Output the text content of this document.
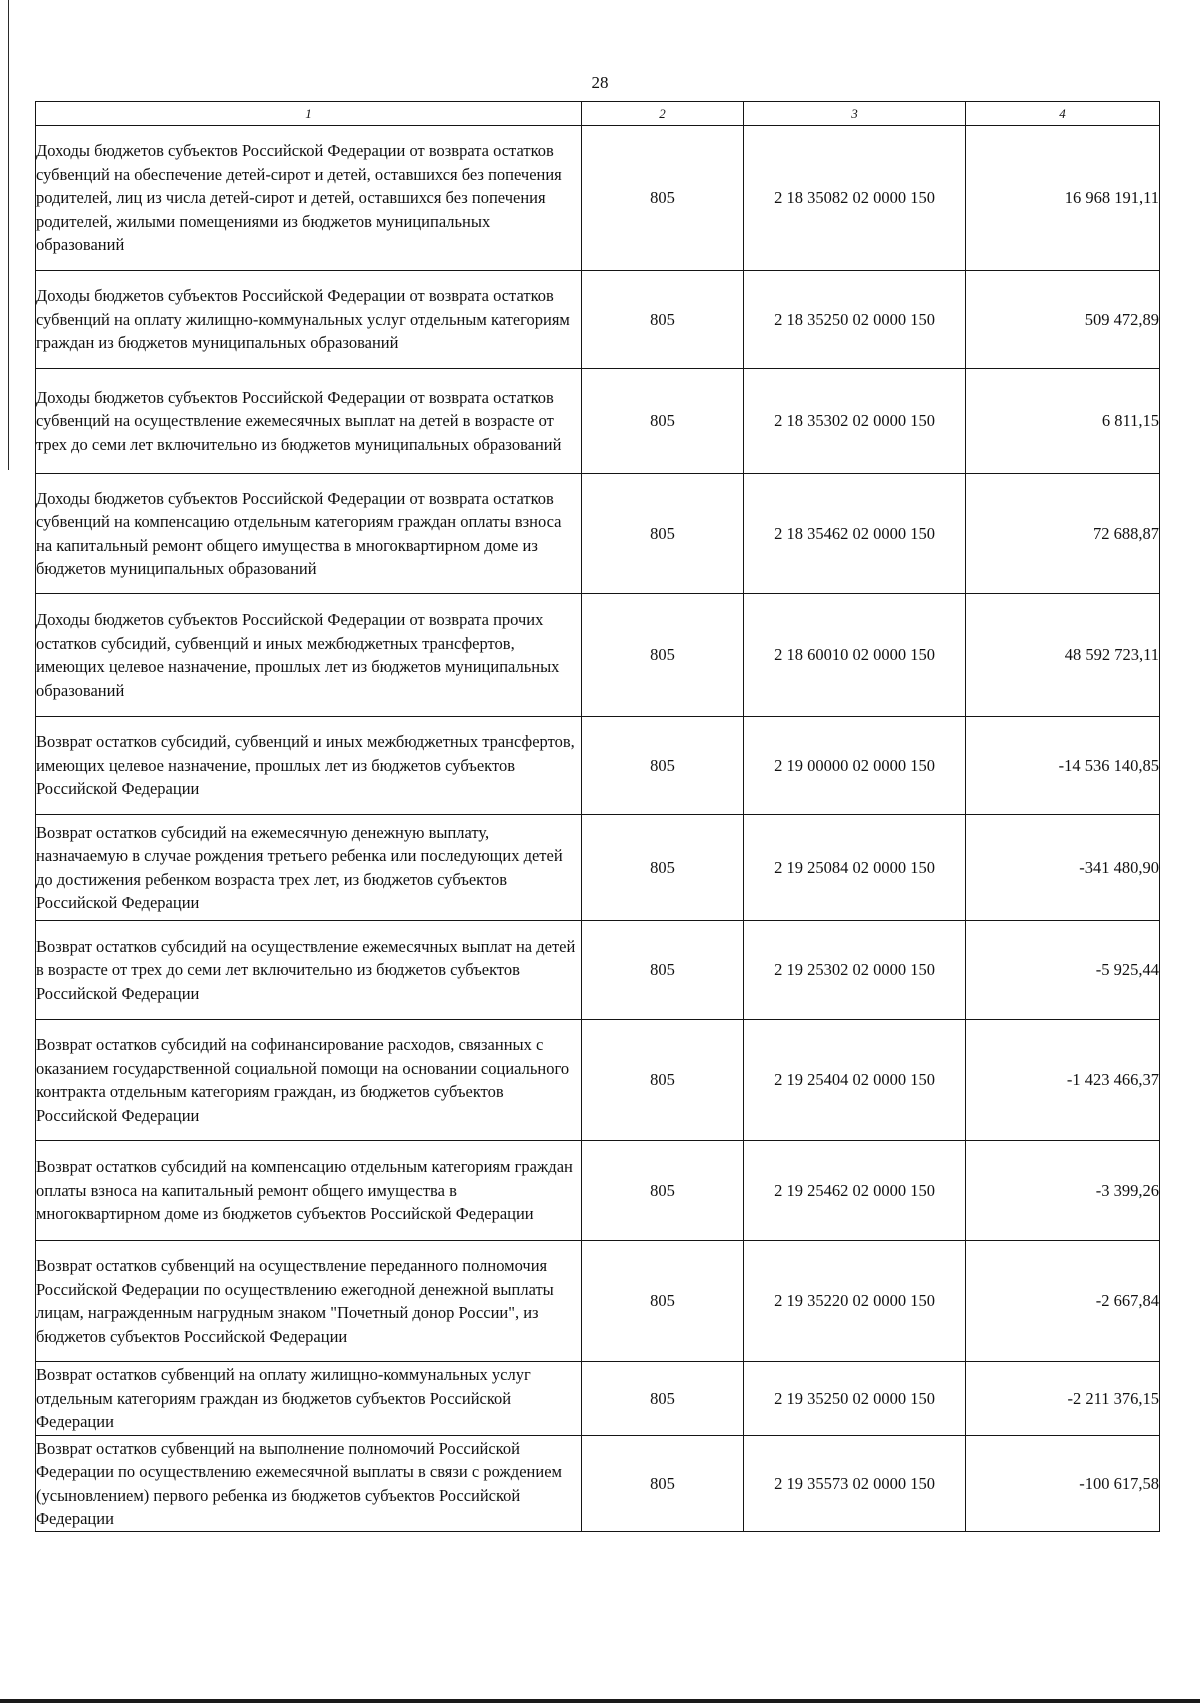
28
1	2	3	4
Доходы бюджетов субъектов Российской Федерации от возврата остатков субвенций на обеспечение детей-сирот и детей, оставшихся без попечения родителей, лиц из числа детей-сирот и детей, оставшихся без попечения родителей, жилыми помещениями из бюджетов муниципальных образований	805	2 18 35082 02 0000 150	16 968 191,11
Доходы бюджетов субъектов Российской Федерации от возврата остатков субвенций на оплату жилищно-коммунальных услуг отдельным категориям граждан из бюджетов муниципальных образований	805	2 18 35250 02 0000 150	509 472,89
Доходы бюджетов субъектов Российской Федерации от возврата остатков субвенций на осуществление ежемесячных выплат на детей в возрасте от трех до семи лет включительно из бюджетов муниципальных образований	805	2 18 35302 02 0000 150	6 811,15
Доходы бюджетов субъектов Российской Федерации от возврата остатков субвенций на компенсацию отдельным категориям граждан оплаты взноса на капитальный ремонт общего имущества в многоквартирном доме из бюджетов муниципальных образований	805	2 18 35462 02 0000 150	72 688,87
Доходы бюджетов субъектов Российской Федерации от возврата прочих остатков субсидий, субвенций и иных межбюджетных трансфертов, имеющих целевое назначение, прошлых лет из бюджетов муниципальных образований	805	2 18 60010 02 0000 150	48 592 723,11
Возврат остатков субсидий, субвенций и иных межбюджетных трансфертов, имеющих целевое назначение, прошлых лет из бюджетов субъектов Российской Федерации	805	2 19 00000 02 0000 150	-14 536 140,85
Возврат остатков субсидий на ежемесячную денежную выплату, назначаемую в случае рождения третьего ребенка или последующих детей до достижения ребенком возраста трех лет, из бюджетов субъектов Российской Федерации	805	2 19 25084 02 0000 150	-341 480,90
Возврат остатков субсидий на осуществление ежемесячных выплат на детей в возрасте от трех до семи лет включительно из бюджетов субъектов Российской Федерации	805	2 19 25302 02 0000 150	-5 925,44
Возврат остатков субсидий на софинансирование расходов, связанных с оказанием государственной социальной помощи на основании социального контракта отдельным категориям граждан, из бюджетов субъектов Российской Федерации	805	2 19 25404 02 0000 150	-1 423 466,37
Возврат остатков субсидий на компенсацию отдельным категориям граждан оплаты взноса на капитальный ремонт общего имущества в многоквартирном доме из бюджетов субъектов Российской Федерации	805	2 19 25462 02 0000 150	-3 399,26
Возврат остатков субвенций на осуществление переданного полномочия Российской Федерации по осуществлению ежегодной денежной выплаты лицам, награжденным нагрудным знаком "Почетный донор России", из бюджетов субъектов Российской Федерации	805	2 19 35220 02 0000 150	-2 667,84
Возврат остатков субвенций на оплату жилищно-коммунальных услуг отдельным категориям граждан из бюджетов субъектов Российской Федерации	805	2 19 35250 02 0000 150	-2 211 376,15
Возврат остатков субвенций на выполнение полномочий Российской Федерации по осуществлению ежемесячной выплаты в связи с рождением (усыновлением) первого ребенка из бюджетов субъектов Российской Федерации	805	2 19 35573 02 0000 150	-100 617,58
